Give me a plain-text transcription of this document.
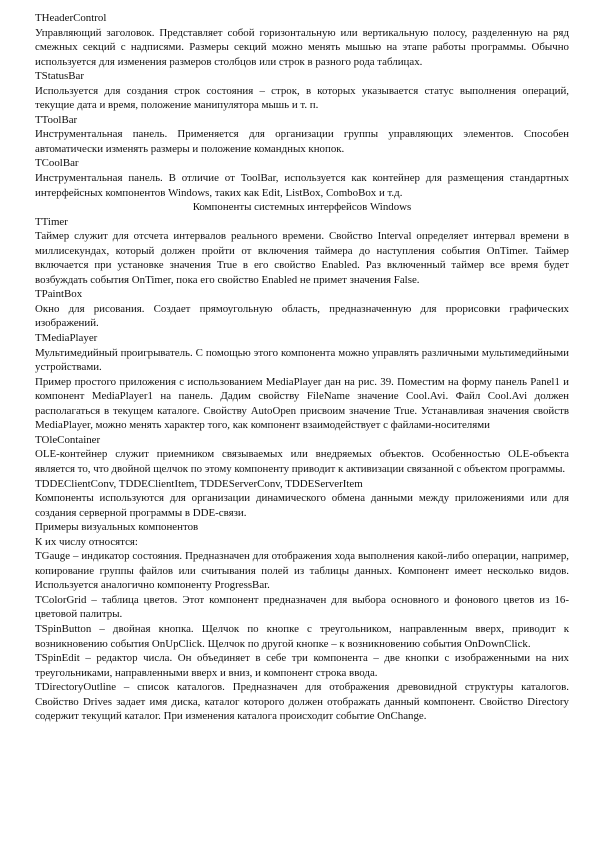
THeaderControl

Управляющий заголовок. Представляет собой горизонтальную или вертикальную полосу, разделенную на ряд смежных секций с надписями. Размеры секций можно менять мышью на этапе работы программы. Обычно используется для изменения размеров столбцов или строк в разного рода таблицах.

TStatusBar

Используется для создания строк состояния – строк, в которых указывается статус выполнения операций, текущие дата и время, положение манипулятора мышь и т. п.

TToolBar

Инструментальная панель. Применяется для организации группы управляющих элементов. Способен автоматически изменять размеры и положение командных кнопок.

TCoolBar

Инструментальная панель. В отличие от ToolBar, используется как контейнер для размещения стандартных интерфейсных компонентов Windows, таких как Edit, ListBox, ComboBox и т.д.

Компоненты системных интерфейсов Windows

TTimer

Таймер служит для отсчета интервалов реального времени. Свойство Interval определяет интервал времени в миллисекундах, который должен пройти от включения таймера до наступления события OnTimer. Таймер включается при установке значения True в его свойство Enabled. Раз включенный таймер все время будет возбуждать события OnTimer, пока его свойство Enabled не примет значения False.

TPaintBox

Окно для рисования. Создает прямоугольную область, предназначенную для прорисовки графических изображений.

TMediaPlayer

Мультимедийный проигрыватель. С помощью этого компонента можно управлять различными мультимедийными устройствами.

Пример простого приложения с использованием MediaPlayer дан на рис. 39. Поместим на форму панель Panel1 и компонент MediaPlayer1 на панель. Дадим свойству FileName значение Cool.Avi. Файл Cool.Avi должен располагаться в текущем каталоге. Свойству AutoOpen присвоим значение True. Устанавливая значения свойств MediaPlayer, можно менять характер того, как компонент взаимодействует с файлами-носителями

TOleContainer

OLE-контейнер служит приемником связываемых или внедряемых объектов. Особенностью OLE-объекта является то, что двойной щелчок по этому компоненту приводит к активизации связанной с объектом программы.

TDDEClientConv, TDDEClientItem, TDDEServerConv, TDDEServerItem

Компоненты используются для организации динамического обмена данными между приложениями или для создания серверной программы в DDE-связи.

Примеры визуальных компонентов

К их числу относятся:

TGauge – индикатор состояния. Предназначен для отображения хода выполнения какой-либо операции, например, копирование группы файлов или считывания полей из таблицы данных. Компонент имеет несколько видов. Используется аналогично компоненту ProgressBar.

TColorGrid – таблица цветов. Этот компонент предназначен для выбора основного и фонового цветов из 16-цветовой палитры.

TSpinButton – двойная кнопка. Щелчок по кнопке с треугольником, направленным вверх, приводит к возникновению события OnUpClick. Щелчок по другой кнопке – к возникновению события OnDownClick.

TSpinEdit – редактор числа. Он объединяет в себе три компонента – две кнопки с изображенными на них треугольниками, направленными вверх и вниз, и компонент строка ввода.

TDirectoryOutline – список каталогов. Предназначен для отображения древовидной структуры каталогов. Свойство Drives задает имя диска, каталог которого должен отображать данный компонент. Свойство Directory содержит текущий каталог. При изменения каталога происходит событие OnChange.
